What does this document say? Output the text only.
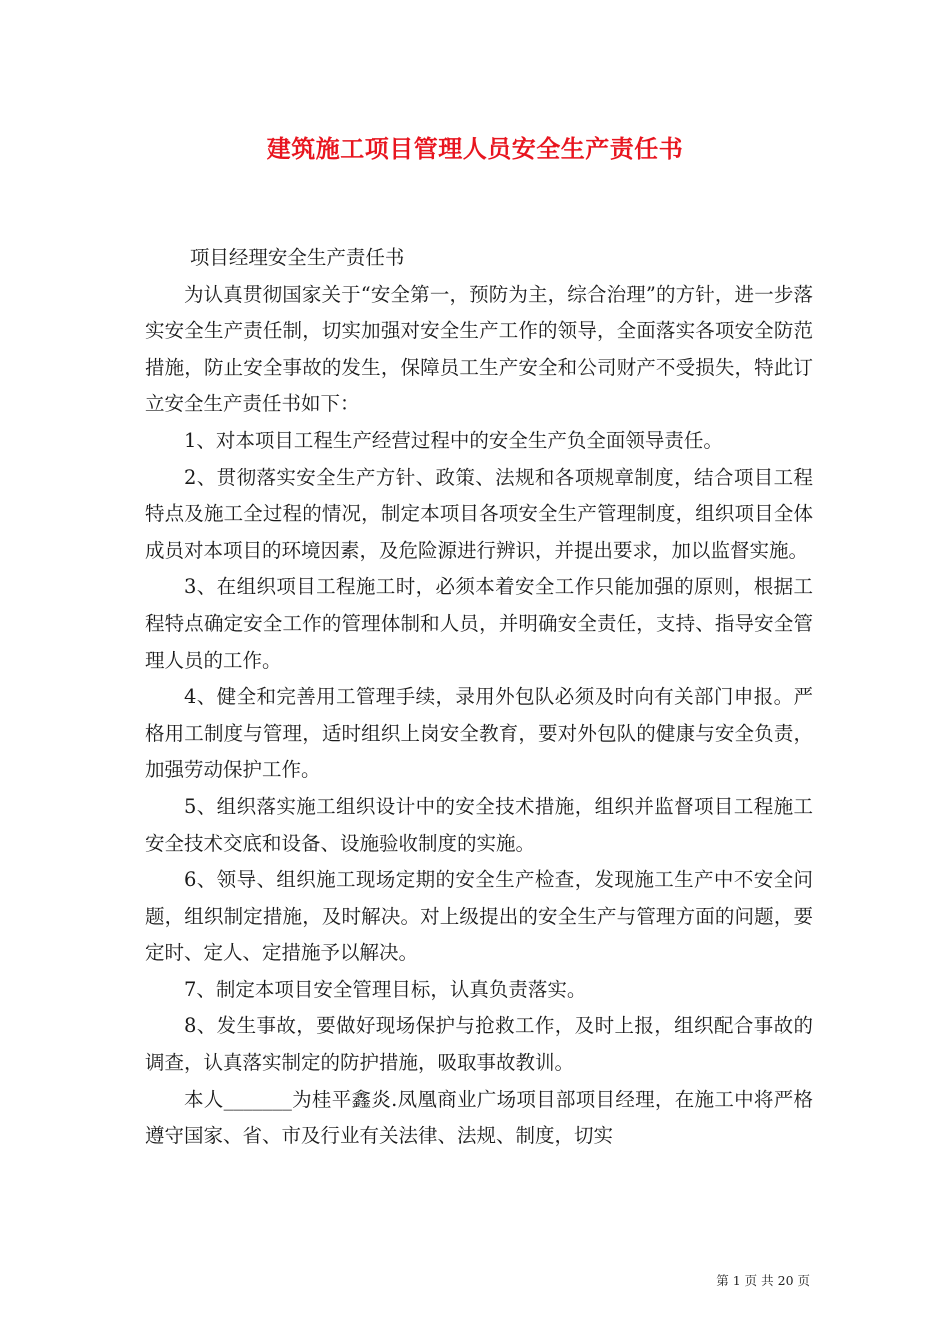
建筑施工项目管理人员安全生产责任书

项目经理安全生产责任书

为认真贯彻国家关于“安全第一，预防为主，综合治理”的方针，进一步落实安全生产责任制，切实加强对安全生产工作的领导，全面落实各项安全防范措施，防止安全事故的发生，保障员工生产安全和公司财产不受损失，特此订立安全生产责任书如下：

1、对本项目工程生产经营过程中的安全生产负全面领导责任。

2、贯彻落实安全生产方针、政策、法规和各项规章制度，结合项目工程特点及施工全过程的情况，制定本项目各项安全生产管理制度，组织项目全体成员对本项目的环境因素，及危险源进行辨识，并提出要求，加以监督实施。

3、在组织项目工程施工时，必须本着安全工作只能加强的原则，根据工程特点确定安全工作的管理体制和人员，并明确安全责任，支持、指导安全管理人员的工作。

4、健全和完善用工管理手续，录用外包队必须及时向有关部门申报。严格用工制度与管理，适时组织上岗安全教育，要对外包队的健康与安全负责，加强劳动保护工作。

5、组织落实施工组织设计中的安全技术措施，组织并监督项目工程施工安全技术交底和设备、设施验收制度的实施。

6、领导、组织施工现场定期的安全生产检查，发现施工生产中不安全问题，组织制定措施，及时解决。对上级提出的安全生产与管理方面的问题，要定时、定人、定措施予以解决。

7、制定本项目安全管理目标，认真负责落实。

8、发生事故，要做好现场保护与抢救工作，及时上报，组织配合事故的调查，认真落实制定的防护措施，吸取事故教训。

本人_______为桂平鑫炎.凤凰商业广场项目部项目经理，在施工中将严格遵守国家、省、市及行业有关法律、法规、制度，切实

第 1 页 共 20 页
